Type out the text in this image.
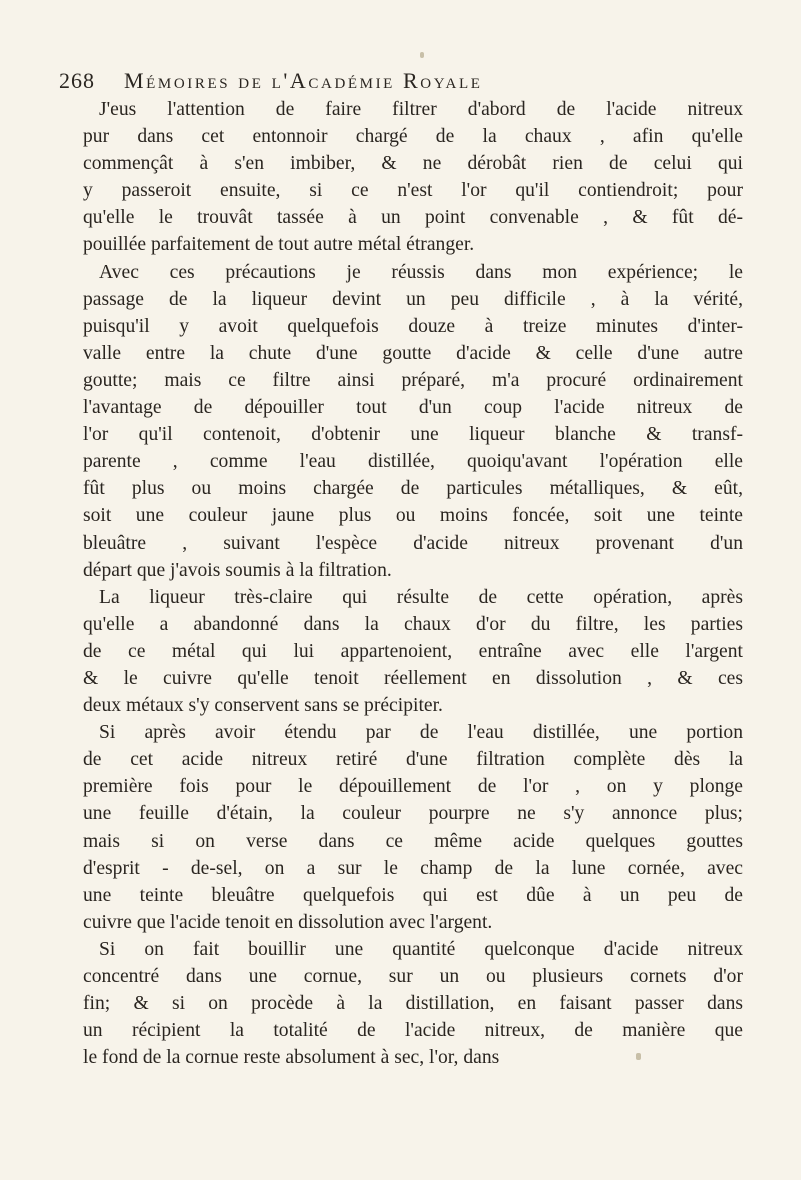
268 Mémoires de l'Académie Royale
J'eus l'attention de faire filtrer d'abord de l'acide nitreux
pur dans cet entonnoir chargé de la chaux , afin qu'elle
commençât à s'en imbiber, & ne dérobât rien de celui qui
y passeroit ensuite, si ce n'est l'or qu'il contiendroit; pour
qu'elle le trouvât tassée à un point convenable , & fût dé-
pouillée parfaitement de tout autre métal étranger.
Avec ces précautions je réussis dans mon expérience; le
passage de la liqueur devint un peu difficile , à la vérité,
puisqu'il y avoit quelquefois douze à treize minutes d'inter-
valle entre la chute d'une goutte d'acide & celle d'une autre
goutte; mais ce filtre ainsi préparé, m'a procuré ordinairement
l'avantage de dépouiller tout d'un coup l'acide nitreux de
l'or qu'il contenoit, d'obtenir une liqueur blanche & transf-
parente , comme l'eau distillée, quoiqu'avant l'opération elle
fût plus ou moins chargée de particules métalliques, & eût,
soit une couleur jaune plus ou moins foncée, soit une teinte
bleuâtre , suivant l'espèce d'acide nitreux provenant d'un
départ que j'avois soumis à la filtration.
La liqueur très-claire qui résulte de cette opération, après
qu'elle a abandonné dans la chaux d'or du filtre, les parties
de ce métal qui lui appartenoient, entraîne avec elle l'argent
& le cuivre qu'elle tenoit réellement en dissolution , & ces
deux métaux s'y conservent sans se précipiter.
Si après avoir étendu par de l'eau distillée, une portion
de cet acide nitreux retiré d'une filtration complète dès la
première fois pour le dépouillement de l'or , on y plonge
une feuille d'étain, la couleur pourpre ne s'y annonce plus;
mais si on verse dans ce même acide quelques gouttes
d'esprit - de-sel, on a sur le champ de la lune cornée, avec
une teinte bleuâtre quelquefois qui est dûe à un peu de
cuivre que l'acide tenoit en dissolution avec l'argent.
Si on fait bouillir une quantité quelconque d'acide nitreux
concentré dans une cornue, sur un ou plusieurs cornets d'or
fin; & si on procède à la distillation, en faisant passer dans
un récipient la totalité de l'acide nitreux, de manière que
le fond de la cornue reste absolument à sec, l'or, dans
